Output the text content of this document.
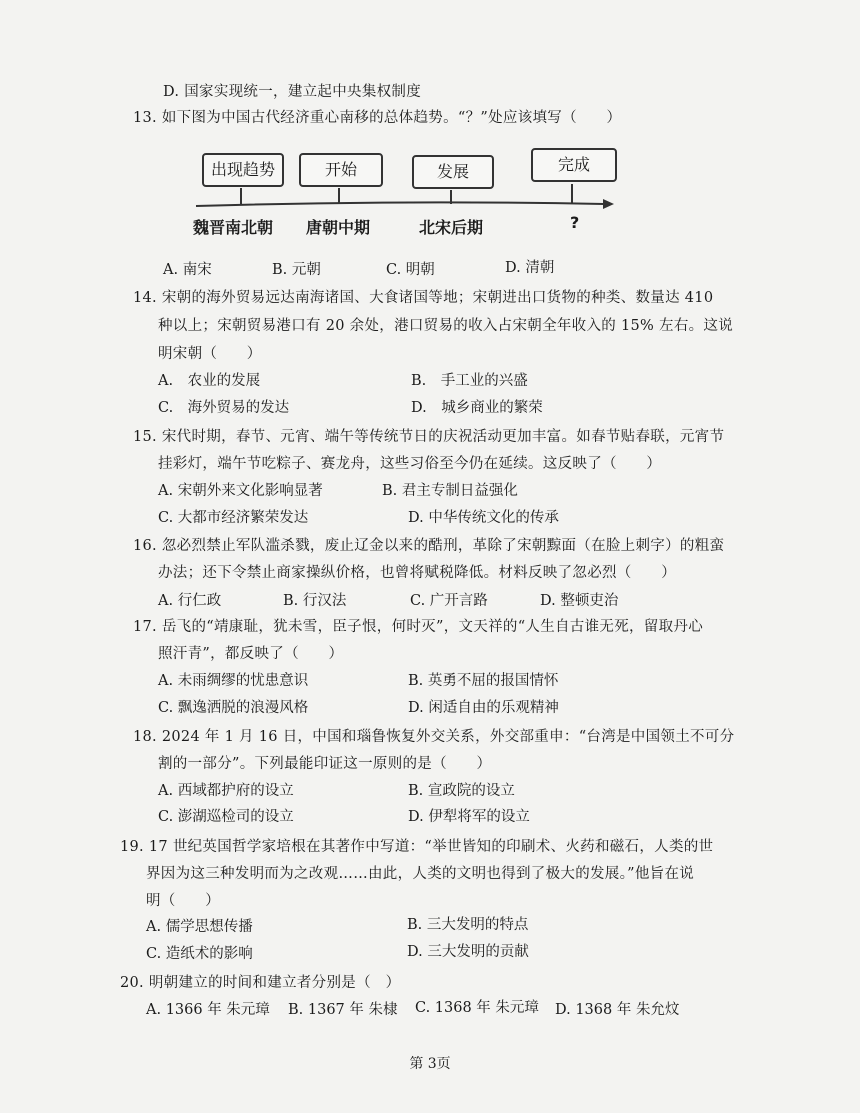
D. 国家实现统一，建立起中央集权制度
13. 如下图为中国古代经济重心南移的总体趋势。“？”处应该填写（　　）
出现趋势	开始	发展	完成
魏晋南北朝 唐朝中期	北宋后期	?
A. 南宋	B. 元朝	C. 明朝	D. 清朝
14. 宋朝的海外贸易远达南海诸国、大食诸国等地；宋朝进出口货物的种类、数量达 410
种以上；宋朝贸易港口有 20 余处，港口贸易的收入占宋朝全年收入的 15% 左右。这说
明宋朝（　　）
A.　农业的发展	B.　手工业的兴盛
C.　海外贸易的发达	D.　城乡商业的繁荣
15. 宋代时期，春节、元宵、端午等传统节日的庆祝活动更加丰富。如春节贴春联，元宵节
挂彩灯，端午节吃粽子、赛龙舟，这些习俗至今仍在延续。这反映了（　　）
A. 宋朝外来文化影响显著	B. 君主专制日益强化
C. 大都市经济繁荣发达	D. 中华传统文化的传承
16. 忽必烈禁止军队滥杀戮，废止辽金以来的酷刑，革除了宋朝黥面（在脸上刺字）的粗蛮
办法；还下令禁止商家操纵价格，也曾将赋税降低。材料反映了忽必烈（　　）
A. 行仁政	B. 行汉法	C. 广开言路	D. 整顿吏治
17. 岳飞的“靖康耻，犹未雪，臣子恨，何时灭”，文天祥的“人生自古谁无死，留取丹心
照汗青”，都反映了（　　）
A. 未雨绸缪的忧患意识	B. 英勇不屈的报国情怀
C. 飘逸洒脱的浪漫风格	D. 闲适自由的乐观精神
18. 2024 年 1 月 16 日，中国和瑙鲁恢复外交关系，外交部重申：“台湾是中国领土不可分
割的一部分”。下列最能印证这一原则的是（　　）
A. 西域都护府的设立	B. 宣政院的设立
C. 澎湖巡检司的设立	D. 伊犁将军的设立
19. 17 世纪英国哲学家培根在其著作中写道：“举世皆知的印刷术、火药和磁石，人类的世
界因为这三种发明而为之改观……由此，人类的文明也得到了极大的发展。”他旨在说
明（　　）
A. 儒学思想传播	B. 三大发明的特点
C. 造纸术的影响	D. 三大发明的贡献
20. 明朝建立的时间和建立者分别是（　）
A. 1366 年 朱元璋 B. 1367 年 朱棣 C. 1368 年 朱元璋 D. 1368 年 朱允炆
第 3页
